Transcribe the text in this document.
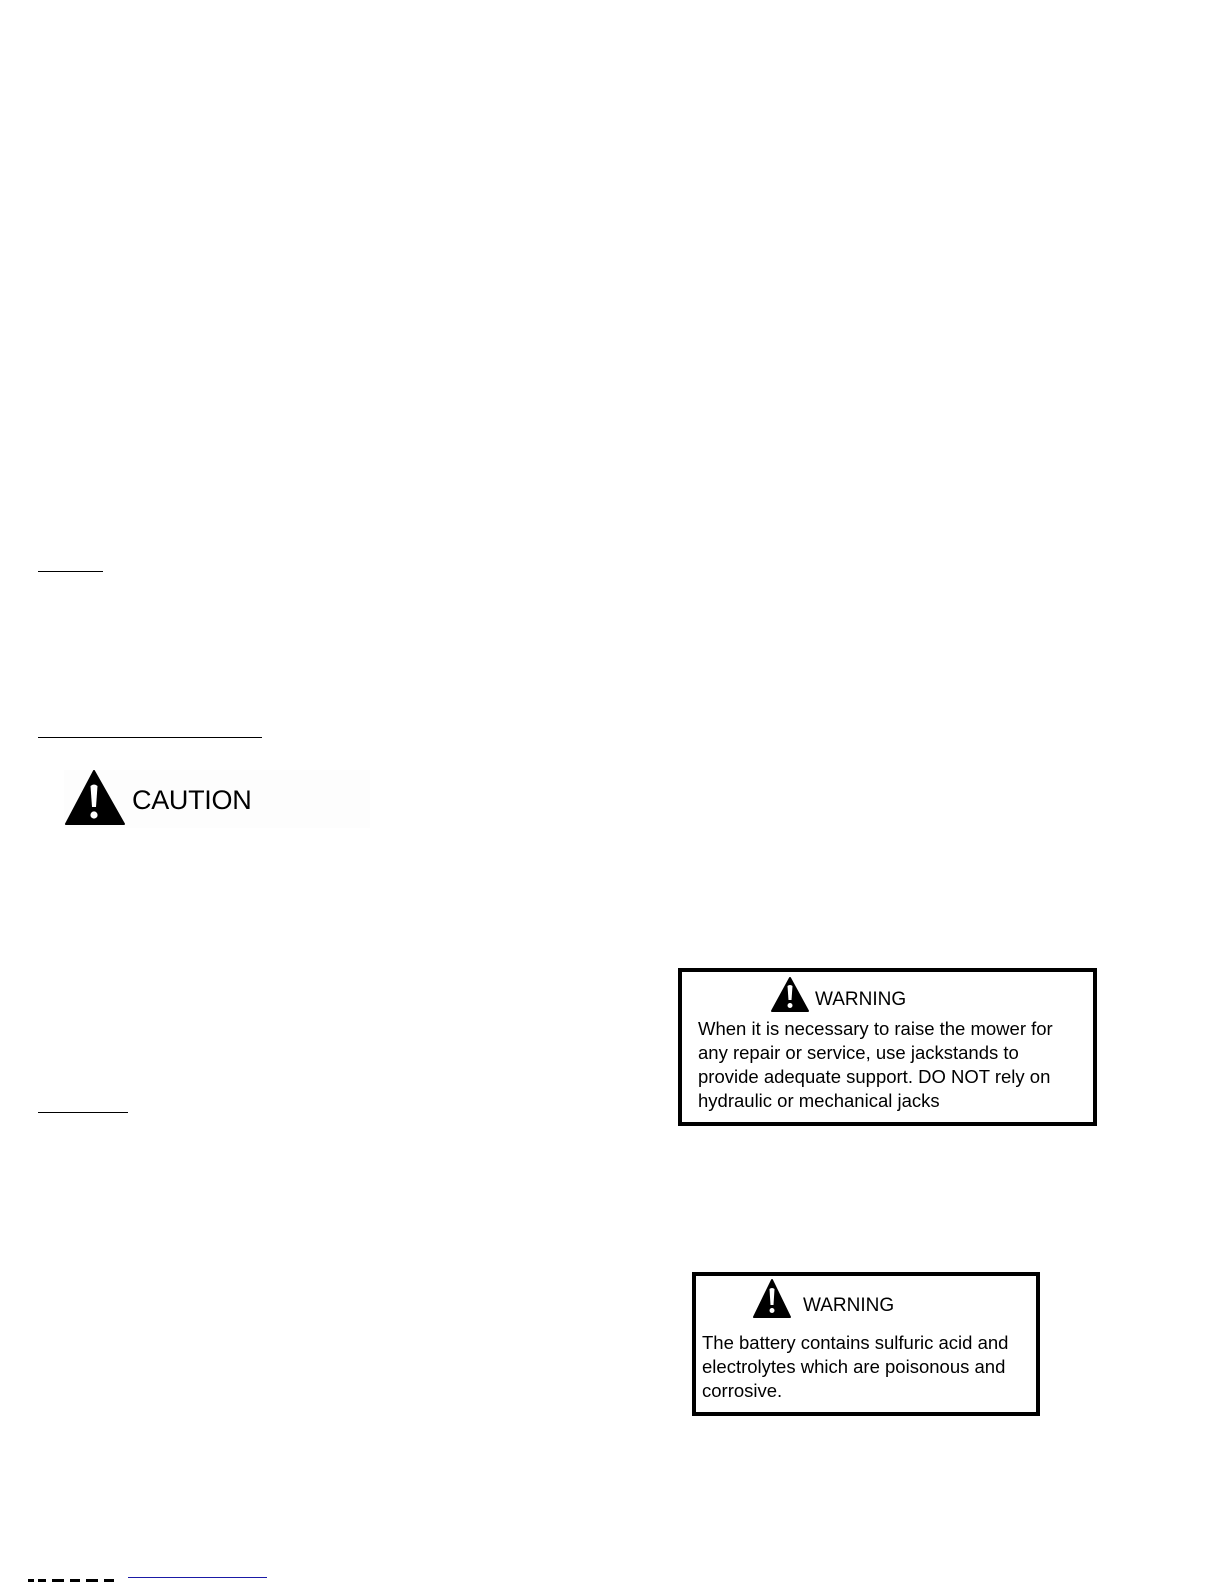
CAUTION
WARNING
When it is necessary to raise the mower for
any repair or service, use jackstands to
provide adequate support. DO NOT rely on
hydraulic or mechanical jacks
WARNING
The battery contains sulfuric acid and
electrolytes which are poisonous and
corrosive.
